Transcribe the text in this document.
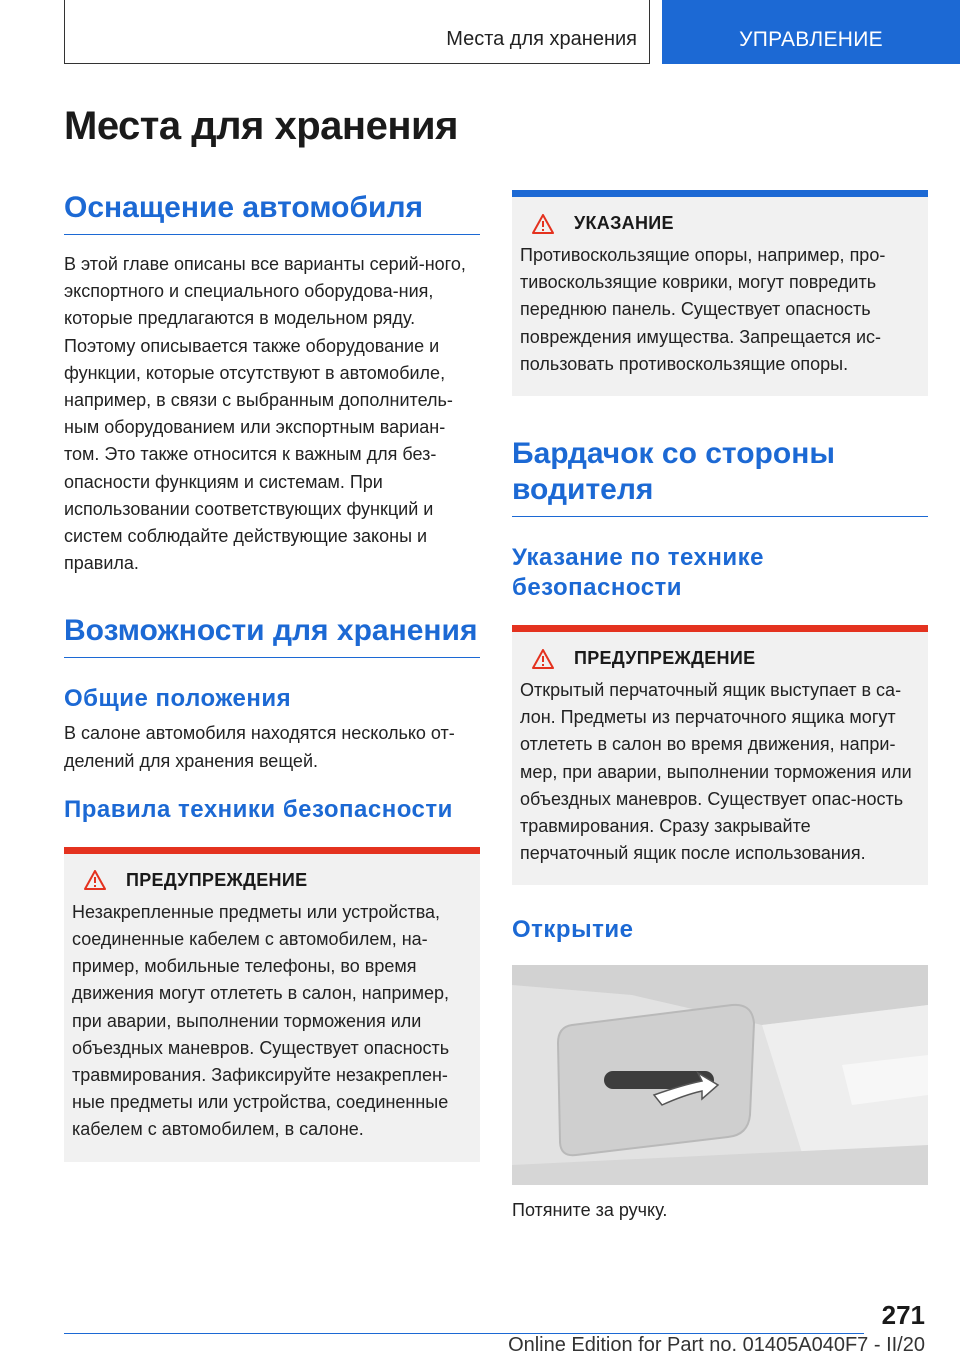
Места для хранения	УПРАВЛЕНИЕ
Места для хранения
Оснащение автомобиля

В этой главе описаны все варианты серий-ного, экспортного и специального оборудова-ния, которые предлагаются в модельном ряду. Поэтому описывается также оборудование и функции, которые отсутствуют в автомобиле, например, в связи с выбранным дополнитель-ным оборудованием или экспортным вариан-том. Это также относится к важным для без-опасности функциям и системам. При использовании соответствующих функций и систем соблюдайте действующие законы и правила.

Возможности для хранения
Общие положения

В салоне автомобиля находятся несколько от-делений для хранения вещей.

Правила техники безопасности
ПРЕДУПРЕЖДЕНИЕ

Незакрепленные предметы или устройства, соединенные кабелем с автомобилем, на-пример, мобильные телефоны, во время движения могут отлететь в салон, например, при аварии, выполнении торможения или объездных маневров. Существует опасность травмирования. Зафиксируйте незакреплен-ные предметы или устройства, соединенные кабелем с автомобилем, в салоне.

УКАЗАНИЕ

Противоскользящие опоры, например, про-тивоскользящие коврики, могут повредить переднюю панель. Существует опасность повреждения имущества. Запрещается ис-пользовать противоскользящие опоры.

Бардачок со стороны водителя
Указание по технике безопасности
ПРЕДУПРЕЖДЕНИЕ

Открытый перчаточный ящик выступает в са-лон. Предметы из перчаточного ящика могут отлететь в салон во время движения, напри-мер, при аварии, выполнении торможения или объездных маневров. Существует опас-ность травмирования. Сразу закрывайте перчаточный ящик после использования.

Открытие

Потяните за ручку.

271
Online Edition for Part no. 01405A040F7 - II/20
